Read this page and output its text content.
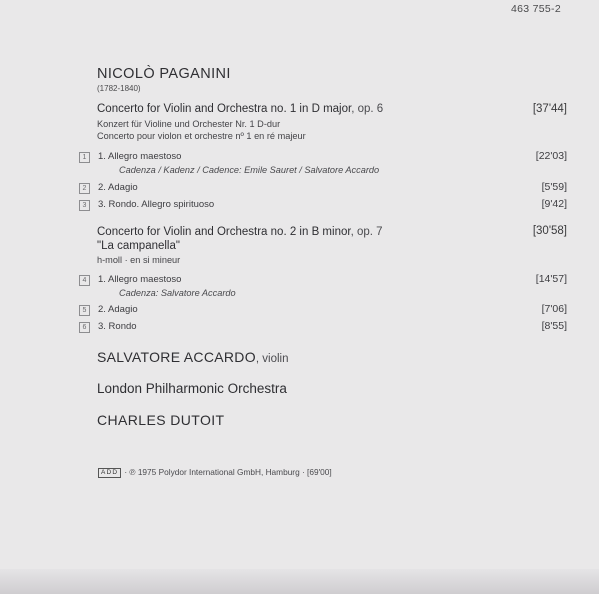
463 755-2
NICOLÒ PAGANINI
(1782-1840)
Concerto for Violin and Orchestra no. 1 in D major, op. 6	[37'44]
Konzert für Violine und Orchester Nr. 1 D-dur
Concerto pour violon et orchestre nº 1 en ré majeur
1	1. Allegro maestoso	[22'03]
Cadenza / Kadenz / Cadence: Emile Sauret / Salvatore Accardo
2	2. Adagio	[5'59]
3	3. Rondo. Allegro spirituoso	[9'42]
Concerto for Violin and Orchestra no. 2 in B minor, op. 7	[30'58]
"La campanella"
h-moll · en si mineur
4	1. Allegro maestoso	[14'57]
Cadenza: Salvatore Accardo
5	2. Adagio	[7'06]
6	3. Rondo	[8'55]
SALVATORE ACCARDO, violin
London Philharmonic Orchestra
CHARLES DUTOIT
ADD · ℗ 1975 Polydor International GmbH, Hamburg · [69'00]
